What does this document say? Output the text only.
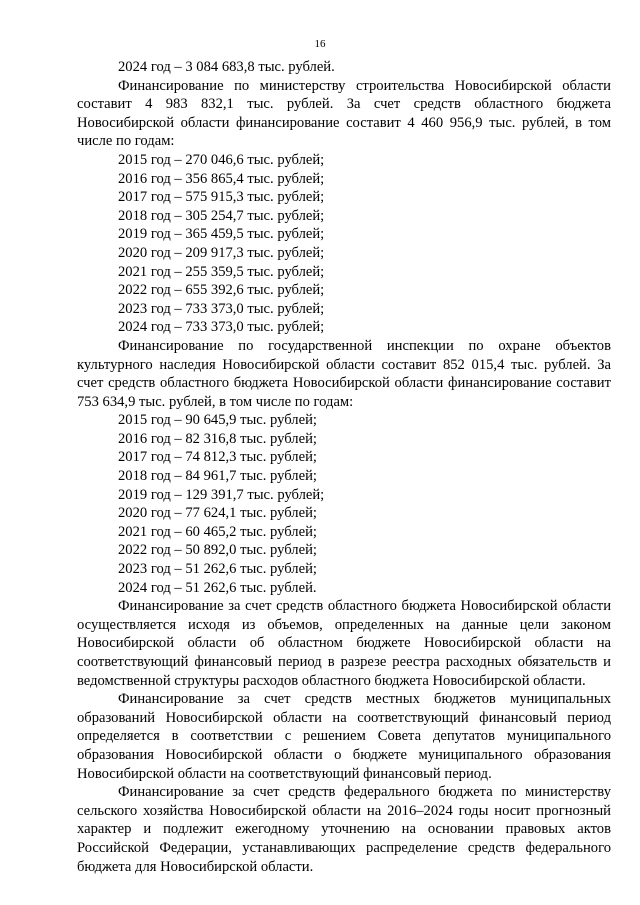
16
2024 год – 3 084 683,8 тыс. рублей.
Финансирование по министерству строительства Новосибирской области составит 4 983 832,1 тыс. рублей. За счет средств областного бюджета Новосибирской области финансирование составит 4 460 956,9 тыс. рублей, в том числе по годам:
2015 год – 270 046,6 тыс. рублей;
2016 год – 356 865,4 тыс. рублей;
2017 год – 575 915,3 тыс. рублей;
2018 год – 305 254,7 тыс. рублей;
2019 год – 365 459,5 тыс. рублей;
2020 год – 209 917,3 тыс. рублей;
2021 год – 255 359,5 тыс. рублей;
2022 год – 655 392,6 тыс. рублей;
2023 год – 733 373,0 тыс. рублей;
2024 год – 733 373,0 тыс. рублей;
Финансирование по государственной инспекции по охране объектов культурного наследия Новосибирской области составит 852 015,4 тыс. рублей. За счет средств областного бюджета Новосибирской области финансирование составит 753 634,9 тыс. рублей, в том числе по годам:
2015 год – 90 645,9 тыс. рублей;
2016 год – 82 316,8 тыс. рублей;
2017 год – 74 812,3 тыс. рублей;
2018 год – 84 961,7 тыс. рублей;
2019 год – 129 391,7 тыс. рублей;
2020 год – 77 624,1 тыс. рублей;
2021 год – 60 465,2 тыс. рублей;
2022 год – 50 892,0 тыс. рублей;
2023 год – 51 262,6 тыс. рублей;
2024 год – 51 262,6 тыс. рублей.
Финансирование за счет средств областного бюджета Новосибирской области осуществляется исходя из объемов, определенных на данные цели законом Новосибирской области об областном бюджете Новосибирской области на соответствующий финансовый период в разрезе реестра расходных обязательств и ведомственной структуры расходов областного бюджета Новосибирской области.
Финансирование за счет средств местных бюджетов муниципальных образований Новосибирской области на соответствующий финансовый период определяется в соответствии с решением Совета депутатов муниципального образования Новосибирской области о бюджете муниципального образования Новосибирской области на соответствующий финансовый период.
Финансирование за счет средств федерального бюджета по министерству сельского хозяйства Новосибирской области на 2016–2024 годы носит прогнозный характер и подлежит ежегодному уточнению на основании правовых актов Российской Федерации, устанавливающих распределение средств федерального бюджета для Новосибирской области.
